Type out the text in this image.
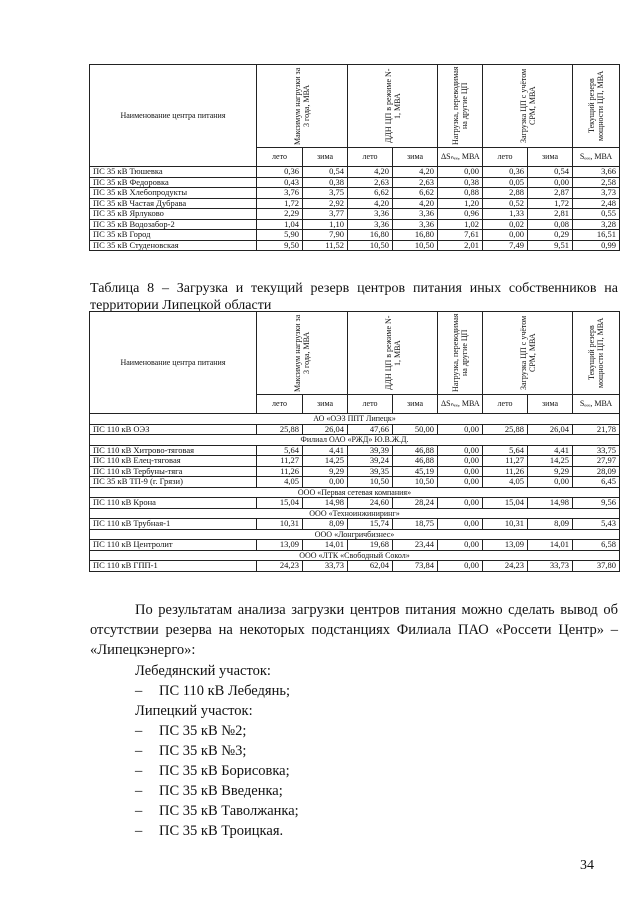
Наименование центра питания	Максимум нагрузки за 3 года, МВА		ДДН ЦП в режиме N-1, МВА		Нагрузка, переводимая на другие ЦП	Загрузка ЦП с учётом СРМ, МВА		Текущий резерв мощности ЦП, МВА

	лето	зима	лето	зима	ΔSₙₑₑ, МВА	лето	зима	Sₑₑₑ, МВА
ПС 35 кВ Тюшевка	0,36	0,54	4,20	4,20	0,00	0,36	0,54	3,66
ПС 35 кВ Федоровка	0,43	0,38	2,63	2,63	0,38	0,05	0,00	2,58
ПС 35 кВ Хлебопродукты	3,76	3,75	6,62	6,62	0,88	2,88	2,87	3,73
ПС 35 кВ Частая Дубрава	1,72	2,92	4,20	4,20	1,20	0,52	1,72	2,48
ПС 35 кВ Ярлуково	2,29	3,77	3,36	3,36	0,96	1,33	2,81	0,55
ПС 35 кВ Водозабор-2	1,04	1,10	3,36	3,36	1,02	0,02	0,08	3,28
ПС 35 кВ Город	5,90	7,90	16,80	16,80	7,61	0,00	0,29	16,51
ПС 35 кВ Студеновская	9,50	11,52	10,50	10,50	2,01	7,49	9,51	0,99
Таблица 8 – Загрузка и текущий резерв центров питания иных собственников на территории Липецкой области
Наименование центра питания	Максимум нагрузки за 3 года, МВА		ДДН ЦП в режиме N-1, МВА		Нагрузка, переводимая на другие ЦП	Загрузка ЦП с учётом СРМ, МВА		Текущий резерв мощности ЦП, МВА

	лето	зима	лето	зима	ΔSₙₑₑ, МВА	лето	зима	Sₑₑₑ, МВА
АО «ОЭЗ ППТ Липецк»								
ПС 110 кВ ОЭЗ	25,88	26,04	47,66	50,00	0,00	25,88	26,04	21,78
Филиал ОАО «РЖД» Ю.В.Ж.Д.								
ПС 110 кВ Хитрово-тяговая	5,64	4,41	39,39	46,88	0,00	5,64	4,41	33,75
ПС 110 кВ Елец-тяговая	11,27	14,25	39,24	46,88	0,00	11,27	14,25	27,97
ПС 110 кВ Тербуны-тяга	11,26	9,29	39,35	45,19	0,00	11,26	9,29	28,09
ПС 35 кВ ТП-9 (г. Грязи)	4,05	0,00	10,50	10,50	0,00	4,05	0,00	6,45
ООО «Первая сетевая компания»								
ПС 110 кВ Крона	15,04	14,98	24,60	28,24	0,00	15,04	14,98	9,56
ООО «Техноинжиниринг»								
ПС 110 кВ Трубная-1	10,31	8,09	15,74	18,75	0,00	10,31	8,09	5,43
ООО «Лонгричбизнес»								
ПС 110 кВ Центролит	13,09	14,01	19,68	23,44	0,00	13,09	14,01	6,58
ООО «ЛТК «Свободный Сокол»								
ПС 110 кВ ГПП-1	24,23	33,73	62,04	73,84	0,00	24,23	33,73	37,80
По результатам анализа загрузки центров питания можно сделать вывод об отсутствии резерва на некоторых подстанциях Филиала ПАО «Россети Центр» – «Липецкэнерго»:
Лебедянский участок:
– ПС 110 кВ Лебедянь;
Липецкий участок:
– ПС 35 кВ №2;
– ПС 35 кВ №3;
– ПС 35 кВ Борисовка;
– ПС 35 кВ Введенка;
– ПС 35 кВ Таволжанка;
– ПС 35 кВ Троицкая.
34
